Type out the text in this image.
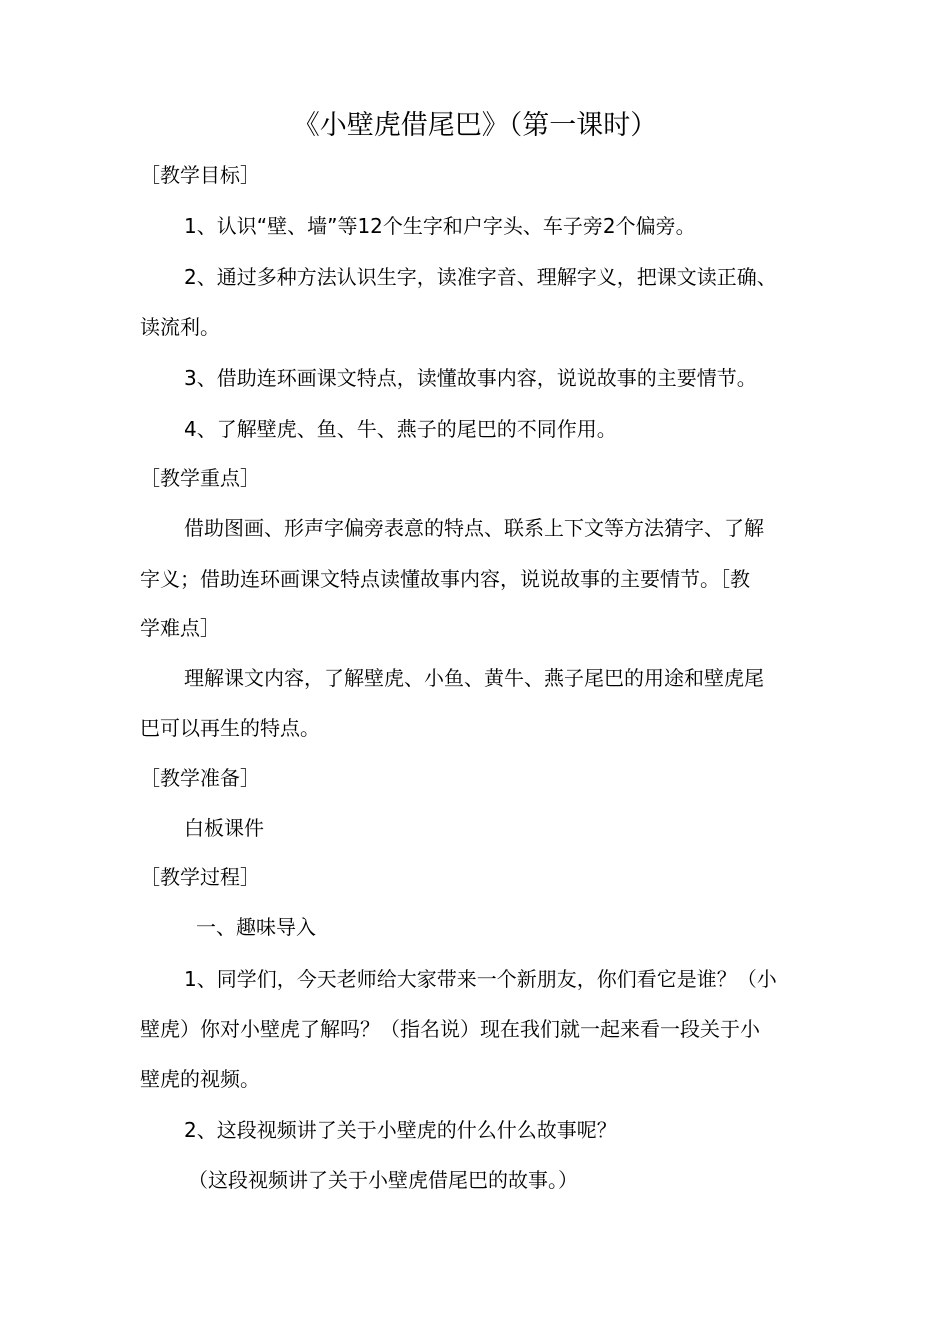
《小壁虎借尾巴》（第一课时）
［教学目标］
1、认识“壁、墙”等12个生字和户字头、车子旁2个偏旁。
2、通过多种方法认识生字，读准字音、理解字义，把课文读正确、
读流利。
3、借助连环画课文特点，读懂故事内容，说说故事的主要情节。
4、了解壁虎、鱼、牛、燕子的尾巴的不同作用。
［教学重点］
借助图画、形声字偏旁表意的特点、联系上下文等方法猜字、了解
字义；借助连环画课文特点读懂故事内容，说说故事的主要情节。［教
学难点］
理解课文内容，了解壁虎、小鱼、黄牛、燕子尾巴的用途和壁虎尾
巴可以再生的特点。
［教学准备］
白板课件
［教学过程］
一、趣味导入
1、同学们，今天老师给大家带来一个新朋友，你们看它是谁？（小
壁虎）你对小壁虎了解吗？（指名说）现在我们就一起来看一段关于小
壁虎的视频。
2、这段视频讲了关于小壁虎的什么什么故事呢？
（这段视频讲了关于小壁虎借尾巴的故事。）
